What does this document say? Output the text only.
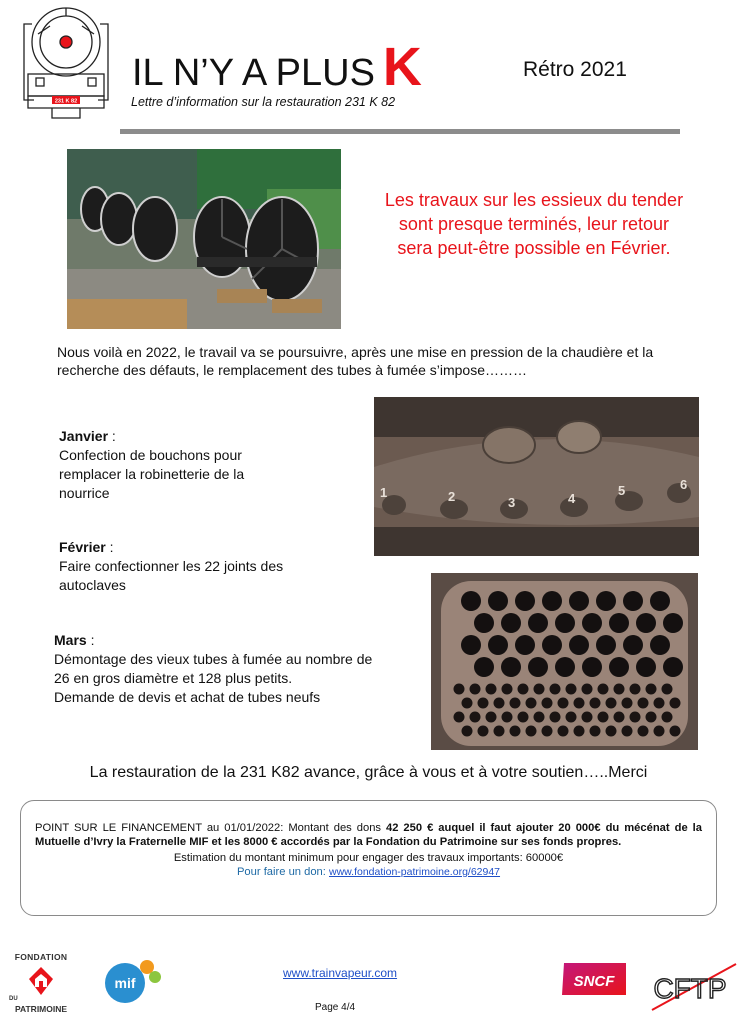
231 K 82
IL N’Y A PLUS K	Rétro 2021
Lettre d’information sur la restauration 231 K 82
Les travaux sur les essieux du tender sont presque terminés, leur retour sera peut-être possible en Février.
Nous voilà en 2022, le travail va se poursuivre, après une mise en pression de la chaudière et la recherche des défauts, le remplacement des tubes à fumée s’impose………
Janvier :
Confection de bouchons pour remplacer la robinetterie de la nourrice
Février :
Faire confectionner les 22 joints des autoclaves
Mars :
Démontage des vieux tubes à fumée au nombre de 26 en gros diamètre et 128 plus petits.
Demande de devis et achat de tubes neufs
1	2	3	4
5	6
La restauration de la 231 K82 avance, grâce à vous et à votre soutien…..Merci
POINT SUR LE FINANCEMENT au 01/01/2022: Montant des dons 42 250 € auquel il faut ajouter 20 000€ du mécénat de la Mutuelle d’Ivry la Fraternelle MIF et les 8000 € accordés par la Fondation du Patrimoine sur ses fonds propres.
Estimation du montant minimum pour engager des travaux importants: 60000€
Pour faire un don: www.fondation-patrimoine.org/62947
FONDATION
DU
PATRIMOINE
mif
www.trainvapeur.com
Page 4/4
SNCF CFTP
